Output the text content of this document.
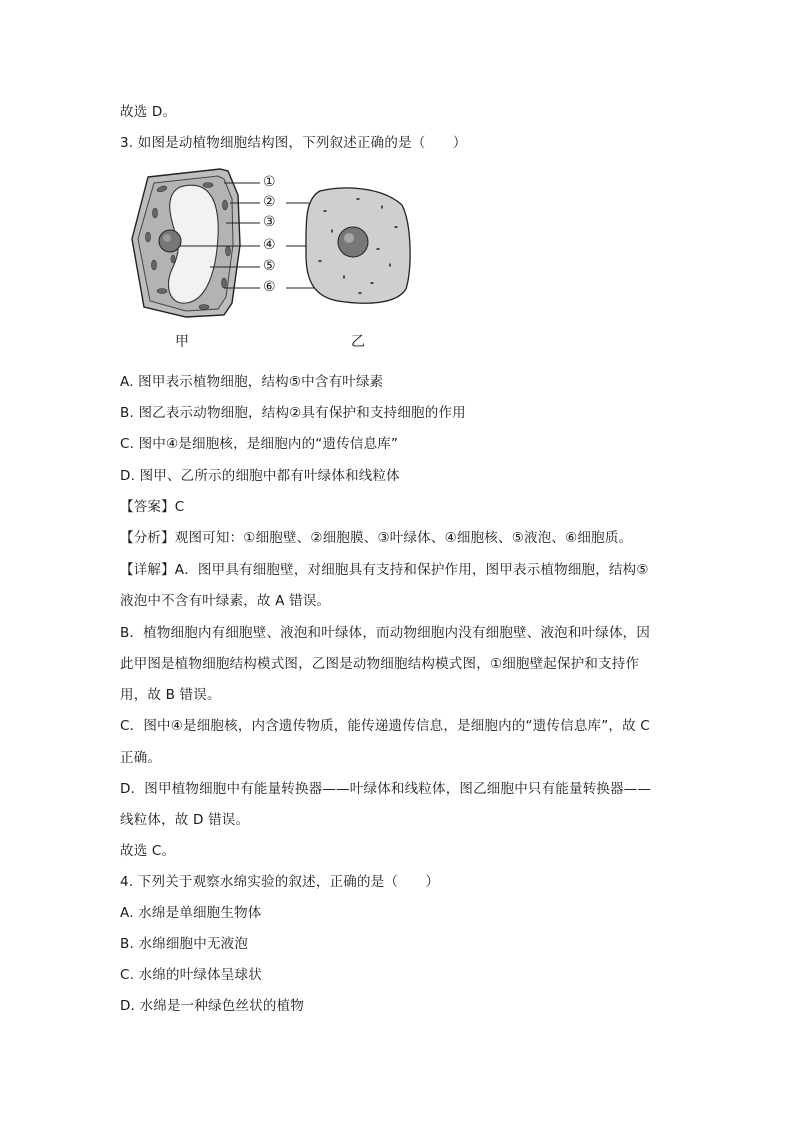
故选 D。
3. 如图是动植物细胞结构图，下列叙述正确的是（　　）
①
②
③
④
⑤
⑥
甲	乙
A. 图甲表示植物细胞，结构⑤中含有叶绿素
B. 图乙表示动物细胞，结构②具有保护和支持细胞的作用
C. 图中④是细胞核，是细胞内的“遗传信息库”
D. 图甲、乙所示的细胞中都有叶绿体和线粒体
【答案】C
【分析】观图可知：①细胞壁、②细胞膜、③叶绿体、④细胞核、⑤液泡、⑥细胞质。
【详解】A．图甲具有细胞壁，对细胞具有支持和保护作用，图甲表示植物细胞，结构⑤
液泡中不含有叶绿素，故 A 错误。
B．植物细胞内有细胞壁、液泡和叶绿体，而动物细胞内没有细胞壁、液泡和叶绿体，因
此甲图是植物细胞结构模式图，乙图是动物细胞结构模式图，①细胞壁起保护和支持作
用，故 B 错误。
C．图中④是细胞核，内含遗传物质，能传递遗传信息，是细胞内的“遗传信息库”，故 C
正确。
D．图甲植物细胞中有能量转换器——叶绿体和线粒体，图乙细胞中只有能量转换器——
线粒体，故 D 错误。
故选 C。
4. 下列关于观察水绵实验的叙述，正确的是（　　）
A. 水绵是单细胞生物体
B. 水绵细胞中无液泡
C. 水绵的叶绿体呈球状
D. 水绵是一种绿色丝状的植物
